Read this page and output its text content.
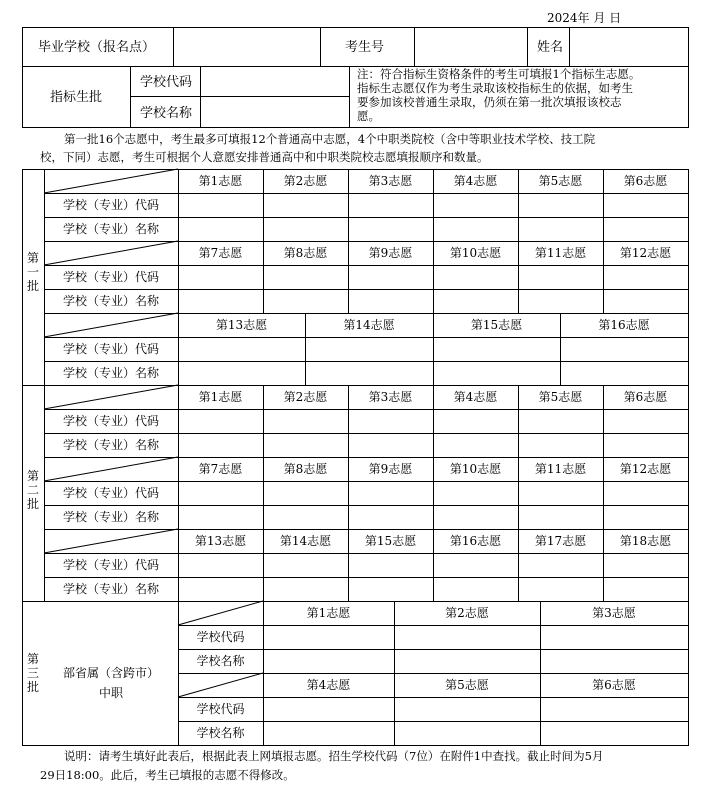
2024年 月 日
毕业学校（报名点）	考生号	姓名
指标生批
学校代码
学校名称
注：符合指标生资格条件的考生可填报1个指标生志愿。
指标生志愿仅作为考生录取该校指标生的依据，如考生
要参加该校普通生录取，仍须在第一批次填报该校志
愿。
第一批16个志愿中，考生最多可填报12个普通高中志愿，4个中职类院校（含中等职业技术学校、技工院
校，下同）志愿，考生可根据个人意愿安排普通高中和中职类院校志愿填报顺序和数量。
第
一
批
第
二
批
第
三
批
部省属（含跨市）
中职
第1志愿	第2志愿	第3志愿	第4志愿	第5志愿	第6志愿
学校（专业）代码
学校（专业）名称
第7志愿	第8志愿	第9志愿	第10志愿	第11志愿	第12志愿
学校（专业）代码
学校（专业）名称
第13志愿	第14志愿	第15志愿	第16志愿
学校（专业）代码
学校（专业）名称
第1志愿	第2志愿	第3志愿	第4志愿	第5志愿	第6志愿
学校（专业）代码
学校（专业）名称
第7志愿	第8志愿	第9志愿	第10志愿	第11志愿	第12志愿
学校（专业）代码
学校（专业）名称
第13志愿	第14志愿	第15志愿	第16志愿	第17志愿	第18志愿
学校（专业）代码
学校（专业）名称
第1志愿	第2志愿	第3志愿
学校代码
学校名称
第4志愿	第5志愿	第6志愿
学校代码
学校名称
说明：请考生填好此表后，根据此表上网填报志愿。招生学校代码（7位）在附件1中查找。截止时间为5月
29日18:00。此后，考生已填报的志愿不得修改。
